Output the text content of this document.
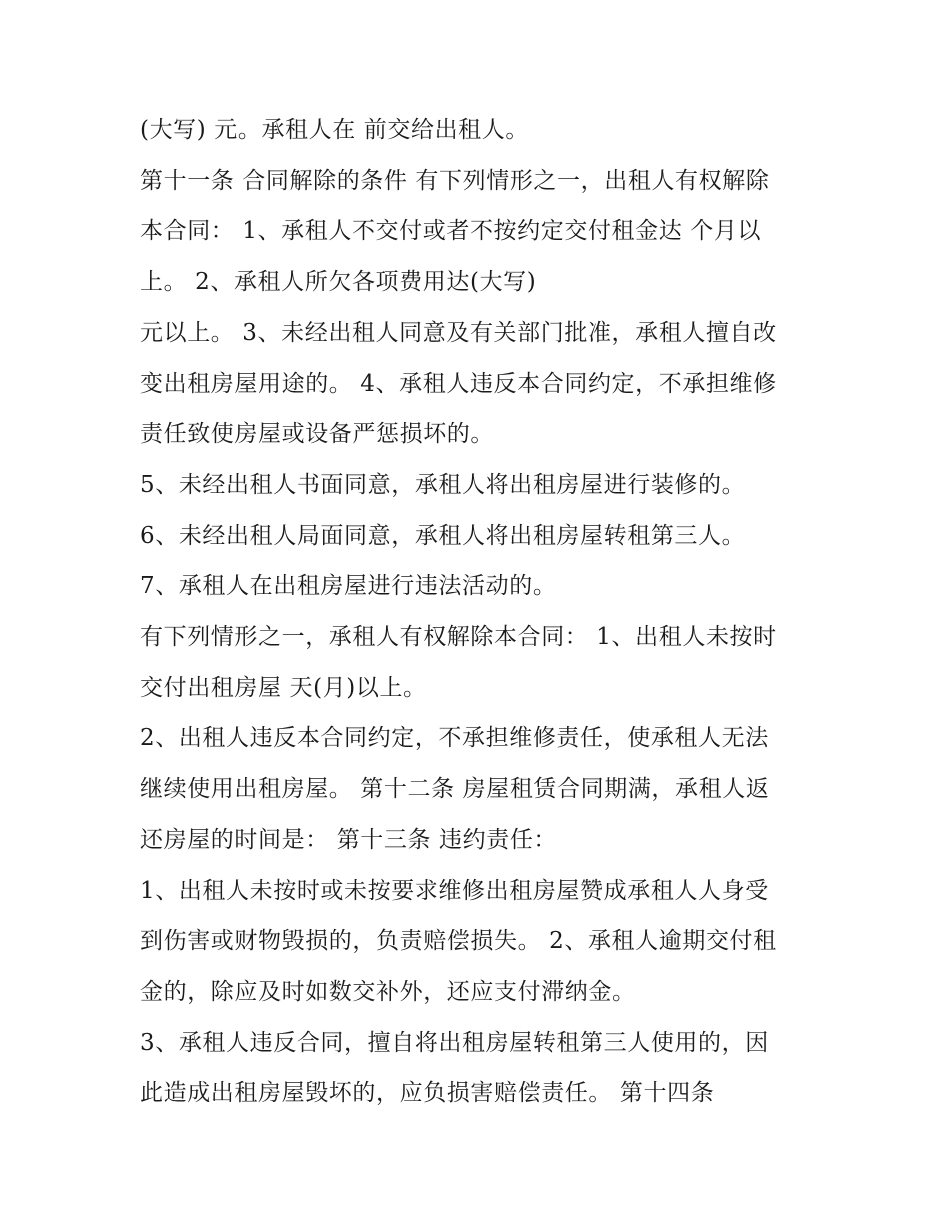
(大写) 元。承租人在 前交给出租人。
第十一条 合同解除的条件 有下列情形之一，出租人有权解除
本合同： 1、承租人不交付或者不按约定交付租金达 个月以
上。 2、承租人所欠各项费用达(大写)
元以上。 3、未经出租人同意及有关部门批准，承租人擅自改
变出租房屋用途的。 4、承租人违反本合同约定，不承担维修
责任致使房屋或设备严惩损坏的。
5、未经出租人书面同意，承租人将出租房屋进行装修的。
6、未经出租人局面同意，承租人将出租房屋转租第三人。
7、承租人在出租房屋进行违法活动的。
有下列情形之一，承租人有权解除本合同： 1、出租人未按时
交付出租房屋 天(月)以上。
2、出租人违反本合同约定，不承担维修责任，使承租人无法
继续使用出租房屋。 第十二条 房屋租赁合同期满，承租人返
还房屋的时间是： 第十三条 违约责任：
1、出租人未按时或未按要求维修出租房屋赞成承租人人身受
到伤害或财物毁损的，负责赔偿损失。 2、承租人逾期交付租
金的，除应及时如数交补外，还应支付滞纳金。
3、承租人违反合同，擅自将出租房屋转租第三人使用的，因
此造成出租房屋毁坏的，应负损害赔偿责任。 第十四条
